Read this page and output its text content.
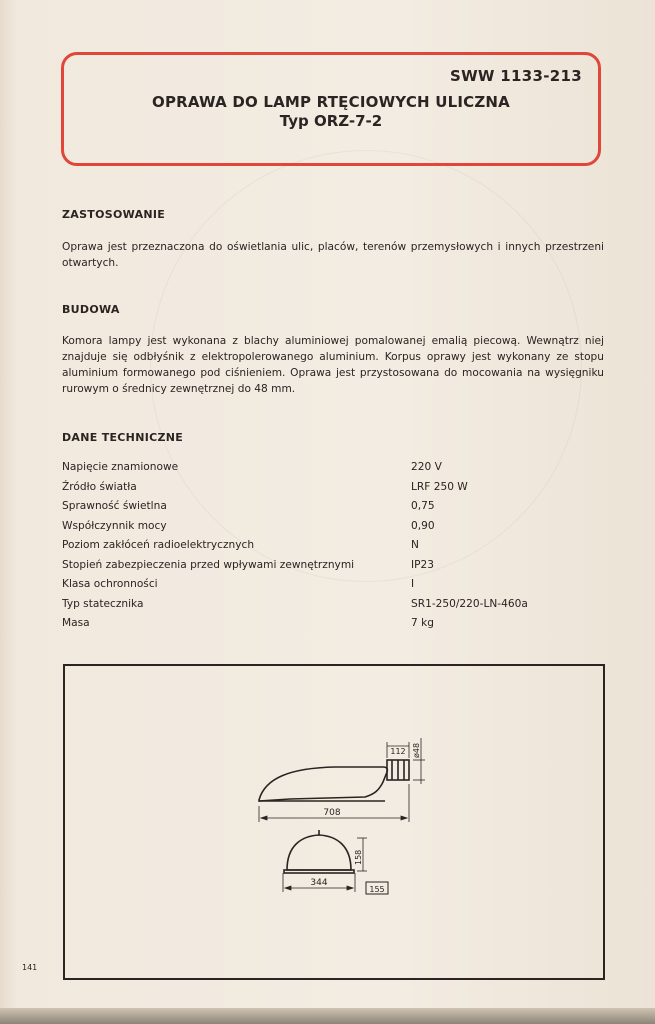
SWW 1133-213
OPRAWA DO LAMP RTĘCIOWYCH ULICZNA
Typ ORZ-7-2
ZASTOSOWANIE
Oprawa jest przeznaczona do oświetlania ulic, placów, terenów przemysłowych i innych przestrzeni otwartych.
BUDOWA
Komora lampy jest wykonana z blachy aluminiowej pomalowanej emalią piecową. Wewnątrz niej znajduje się odbłyśnik z elektropolerowanego aluminium. Korpus oprawy jest wykonany ze stopu aluminium formowanego pod ciśnieniem. Oprawa jest przystosowana do mocowania na wysięgniku rurowym o średnicy zewnętrznej do 48 mm.
DANE TECHNICZNE
Napięcie znamionowe	220 V
Źródło światła	LRF 250 W
Sprawność świetlna	0,75
Współczynnik mocy	0,90
Poziom zakłóceń radioelektrycznych	N
Stopień zabezpieczenia przed wpływami zewnętrznymi	IP23
Klasa ochronności	I
Typ statecznika	SR1-250/220-LN-460a
Masa	7 kg
708
112 ø48
344
158
155
141
